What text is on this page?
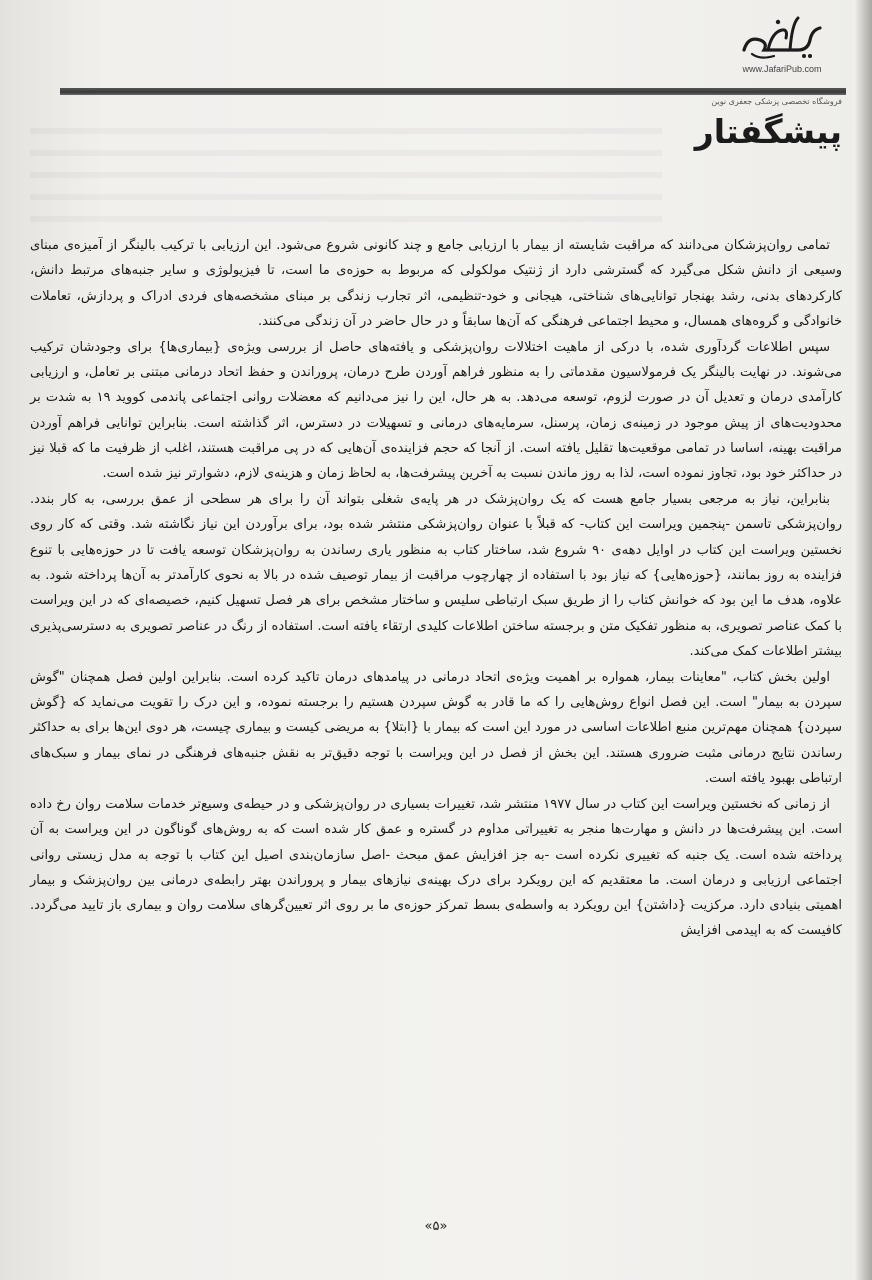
www.JafariPub.com
فروشگاه تخصصی پزشکی جعفری نوین
پیشگفتار

تمامی روان‌پزشکان می‌دانند که مراقبت شایسته از بیمار با ارزیابی جامع و چند کانونی شروع می‌شود. این ارزیابی با ترکیب بالینگر از آمیزه‌ی مبنای وسیعی از دانش شکل می‌گیرد که گسترشی دارد از ژنتیک مولکولی که مربوط به حوزه‌ی ما است، تا فیزیولوژی و سایر جنبه‌های مرتبط دانش، کارکردهای بدنی، رشد بهنجار توانایی‌های شناختی، هیجانی و خود-تنظیمی، اثر تجارب زندگی بر مبنای مشخصه‌های فردی ادراک و پردازش، تعاملات خانوادگی و گروه‌های همسال، و محیط اجتماعی فرهنگی که آن‌ها سابقاً و در حال حاضر در آن زندگی می‌کنند.

سپس اطلاعات گردآوری شده، با درکی از ماهیت اختلالات روان‌پزشکی و یافته‌های حاصل از بررسی ویژه‌ی {بیماری‌ها} برای وجودشان ترکیب می‌شوند. در نهایت بالینگر یک فرمولاسیون مقدماتی را به منظور فراهم آوردن طرح درمان، پروراندن و حفظ اتحاد درمانی مبتنی بر تعامل، و ارزیابی کارآمدی درمان و تعدیل آن در صورت لزوم، توسعه می‌دهد. به هر حال، این را نیز می‌دانیم که معضلات روانی اجتماعی پاندمی کووید ۱۹ به شدت بر محدودیت‌های از پیش موجود در زمینه‌ی زمان، پرسنل، سرمایه‌های درمانی و تسهیلات در دسترس، اثر گذاشته است. بنابراین توانایی فراهم آوردن مراقبت بهینه، اساسا در تمامی موقعیت‌ها تقلیل یافته است. از آنجا که حجم فزاینده‌ی آن‌هایی که در پی مراقبت هستند، اغلب از ظرفیت ما که قبلا نیز در حداکثر خود بود، تجاوز نموده است، لذا به روز ماندن نسبت به آخرین پیشرفت‌ها، به لحاظ زمان و هزینه‌ی لازم، دشوارتر نیز شده است.

بنابراین، نیاز به مرجعی بسیار جامع هست که یک روان‌پزشک در هر پایه‌ی شغلی بتواند آن را برای هر سطحی از عمق بررسی، به کار بندد. روان‌پزشکی تاسمن -پنجمین ویراست این کتاب- که قبلاً با عنوان روان‌پزشکی منتشر شده بود، برای برآوردن این نیاز نگاشته شد. وقتی که کار روی نخستین ویراست این کتاب در اوایل دهه‌ی ۹۰ شروع شد، ساختار کتاب به منظور یاری رساندن به روان‌پزشکان توسعه یافت تا در حوزه‌هایی با تنوع فزاینده به روز بمانند، {حوزه‌هایی} که نیاز بود با استفاده از چهارچوب مراقبت از بیمار توصیف شده در بالا به نحوی کارآمدتر به آن‌ها پرداخته شود. به علاوه، هدف ما این بود که خوانش کتاب را از طریق سبک ارتباطی سلیس و ساختار مشخص برای هر فصل تسهیل کنیم، خصیصه‌ای که در این ویراست با کمک عناصر تصویری، به منظور تفکیک متن و برجسته ساختن اطلاعات کلیدی ارتقاء یافته است. استفاده از رنگ در عناصر تصویری به دسترسی‌پذیری بیشتر اطلاعات کمک می‌کند.

اولین بخش کتاب، "معاینات بیمار، همواره بر اهمیت ویژه‌ی اتحاد درمانی در پیامدهای درمان تاکید کرده است. بنابراین اولین فصل همچنان "گوش سپردن به بیمار" است. این فصل انواع روش‌هایی را که ما قادر به گوش سپردن هستیم را برجسته نموده، و این درک را تقویت می‌نماید که {گوش سپردن} همچنان مهم‌ترین منبع اطلاعات اساسی در مورد این است که بیمار با {ابتلا} به مریضی کیست و بیماری چیست، هر دوی این‌ها برای به حداکثر رساندن نتایج درمانی مثبت ضروری هستند. این بخش از فصل در این ویراست با توجه دقیق‌تر به نقش جنبه‌های فرهنگی در نمای بیمار و سبک‌های ارتباطی بهبود یافته است.

از زمانی که نخستین ویراست این کتاب در سال ۱۹۷۷ منتشر شد، تغییرات بسیاری در روان‌پزشکی و در حیطه‌ی وسیع‌تر خدمات سلامت روان رخ داده است. این پیشرفت‌ها در دانش و مهارت‌ها منجر به تغییراتی مداوم در گستره و عمق کار شده است که به روش‌های گوناگون در این ویراست به آن پرداخته شده است. یک جنبه که تغییری نکرده است -به جز افزایش عمق مبحث -اصل سازمان‌بندی اصیل این کتاب با توجه به مدل زیستی روانی اجتماعی ارزیابی و درمان است. ما معتقدیم که این رویکرد برای درک بهینه‌ی نیازهای بیمار و پروراندن بهتر رابطه‌ی درمانی بین روان‌پزشک و بیمار اهمیتی بنیادی دارد. مرکزیت {داشتن} این رویکرد به واسطه‌ی بسط تمرکز حوزه‌ی ما بر روی اثر تعیین‌گرهای سلامت روان و بیماری باز تایید می‌گردد. کافیست که به اپیدمی افزایش

«۵»
